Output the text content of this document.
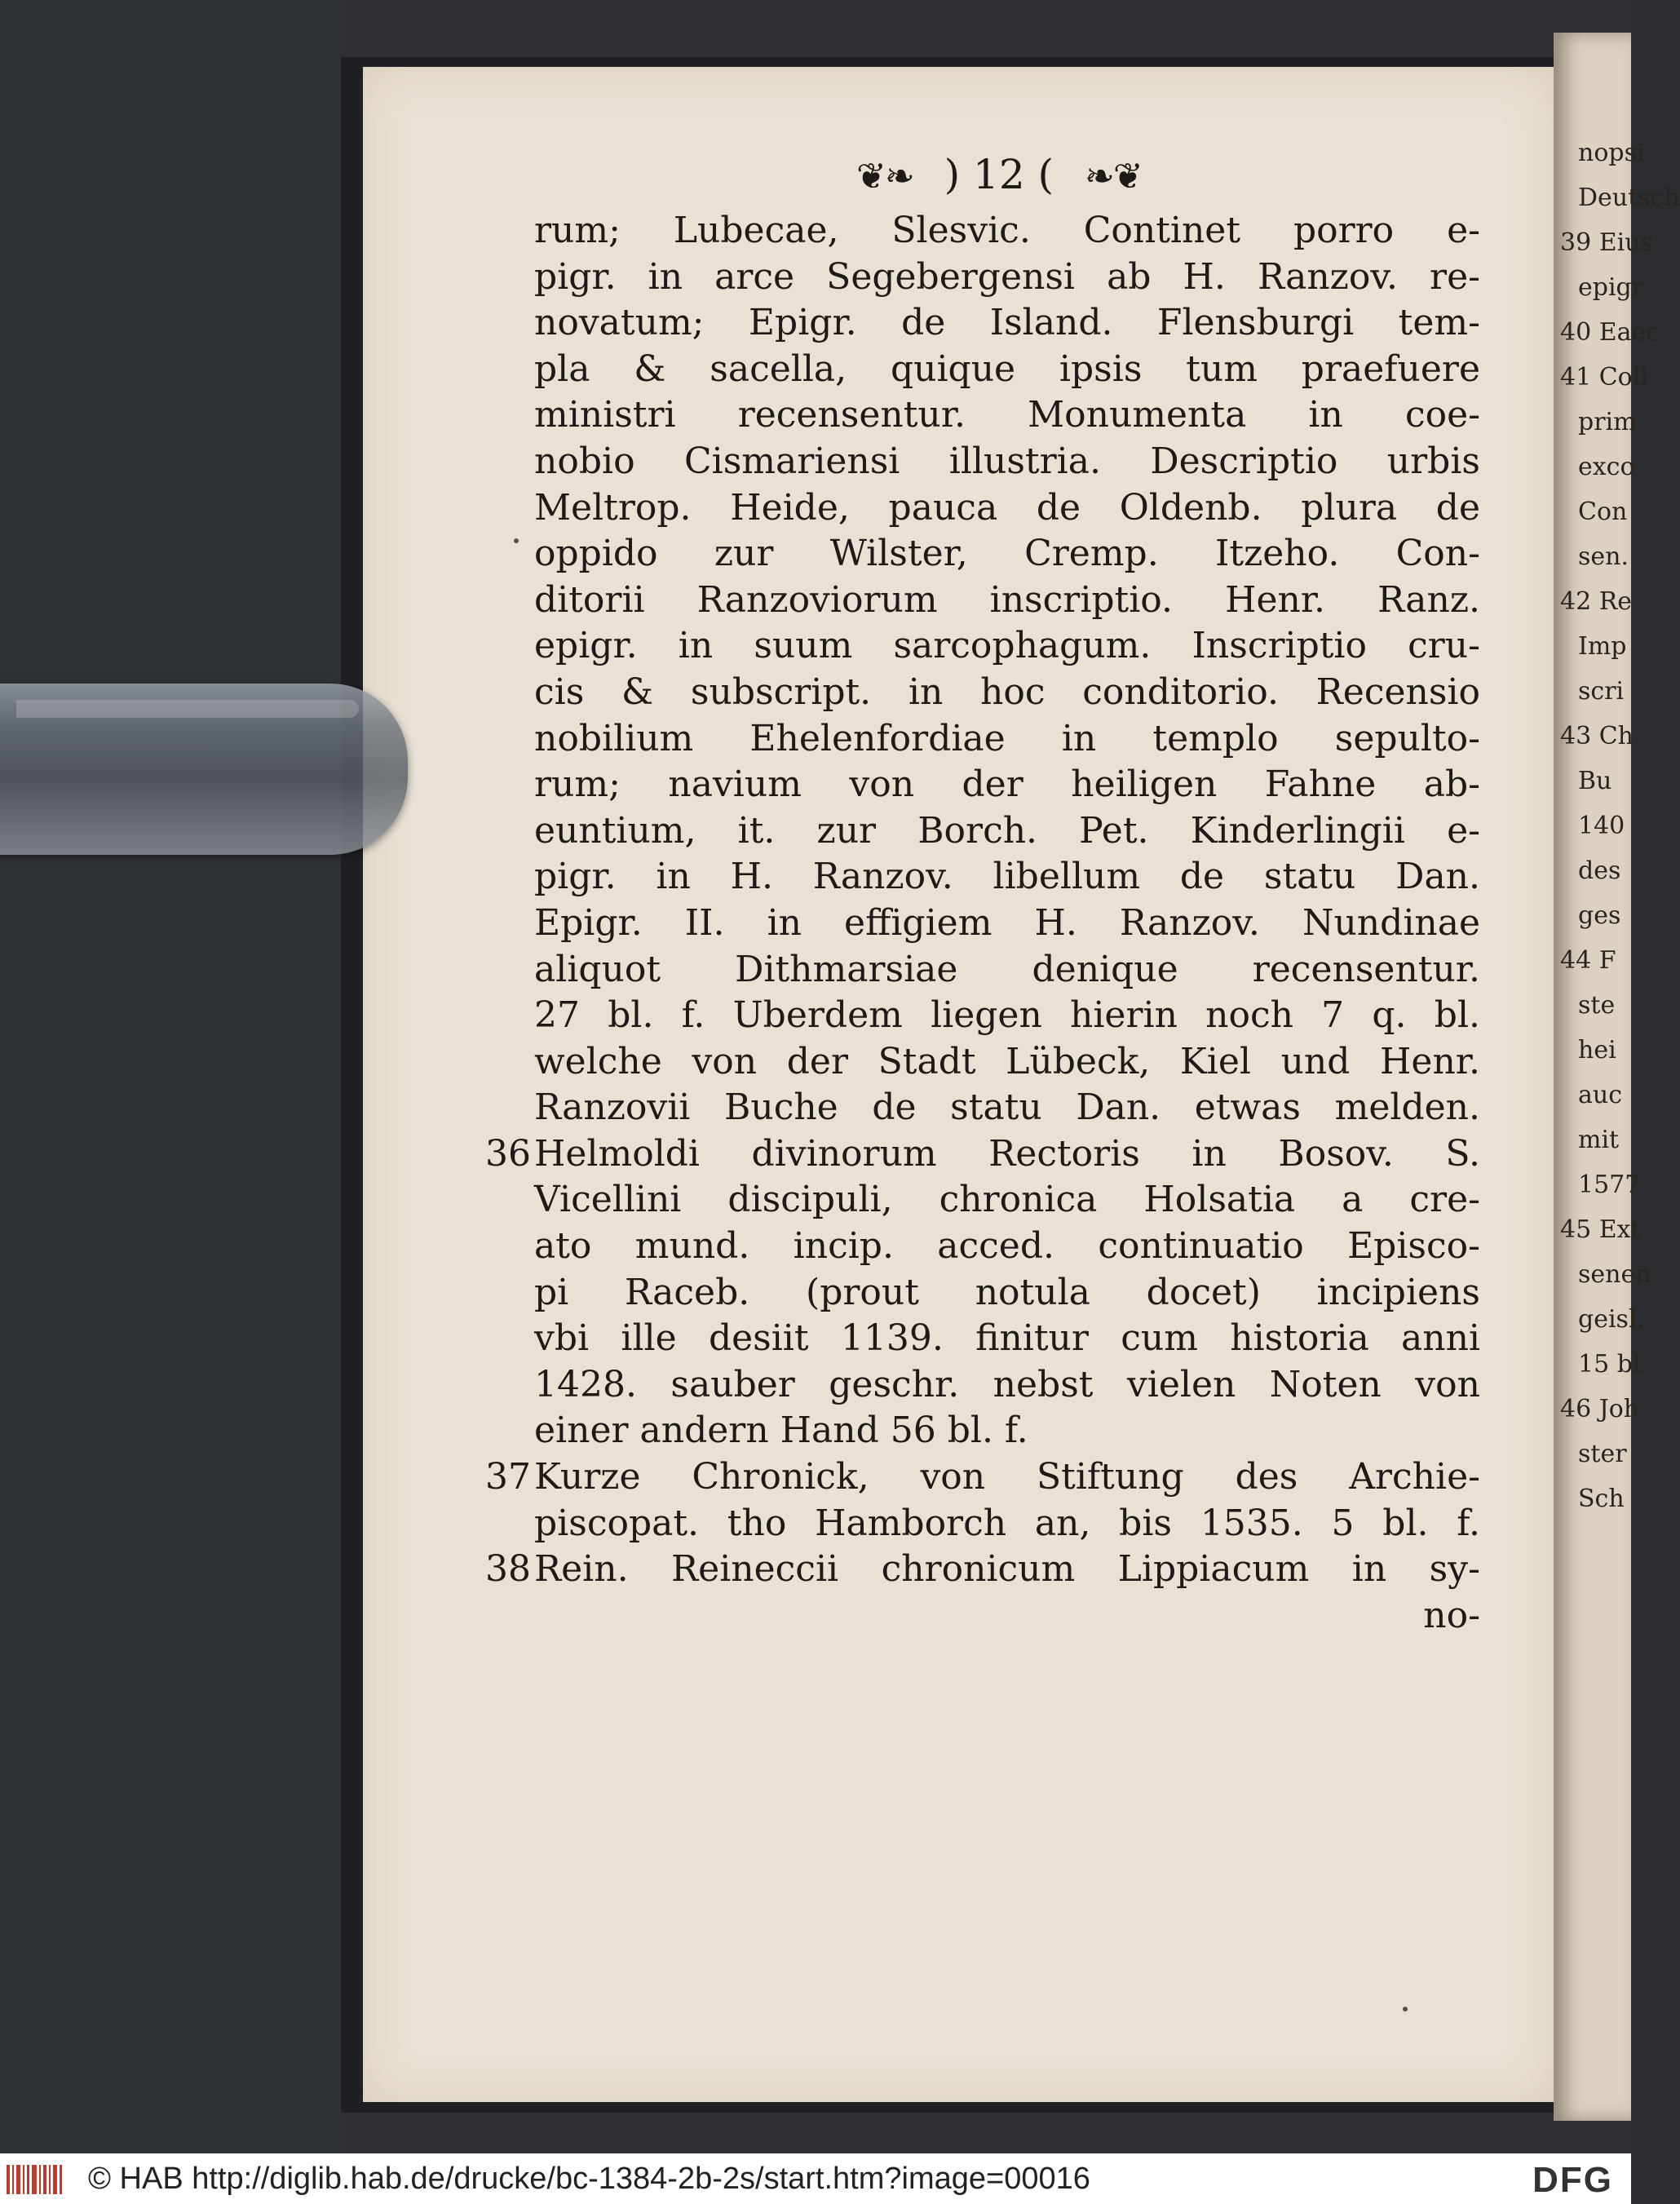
nopsi
Deutsch
39 Eius
epigr.
40 Eaec
41 Coll
prim
exco
Con
sen.
42 Re
Imp
scri
43 Ch
Bu
140
des
ges
44 F
ste
hei
auc
mit
1577
45 Ext
senen
geisl.
15 bl.
46 Joh
ster
Sch
❦❧ ) 12 ( ❧❦
rum; Lubecae, Slesvic. Continet porro e-
pigr. in arce Segebergensi ab H. Ranzov. re-
novatum; Epigr. de Island. Flensburgi tem-
pla & sacella, quique ipsis tum praefuere
ministri recensentur. Monumenta in coe-
nobio Cismariensi illustria. Descriptio urbis
Meltrop. Heide, pauca de Oldenb. plura de
oppido zur Wilster, Cremp. Itzeho. Con-
ditorii Ranzoviorum inscriptio. Henr. Ranz.
epigr. in suum sarcophagum. Inscriptio cru-
cis & subscript. in hoc conditorio. Recensio
nobilium Ehelenfordiae in templo sepulto-
rum; navium von der heiligen Fahne ab-
euntium, it. zur Borch. Pet. Kinderlingii e-
pigr. in H. Ranzov. libellum de statu Dan.
Epigr. II. in effigiem H. Ranzov. Nundinae
aliquot Dithmarsiae denique recensentur.
27 bl. f. Uberdem liegen hierin noch 7 q. bl.
welche von der Stadt Lübeck, Kiel und Henr.
Ranzovii Buche de statu Dan. etwas melden.
36 Helmoldi divinorum Rectoris in Bosov. S.
Vicellini discipuli, chronica Holsatia a cre-
ato mund. incip. acced. continuatio Episco-
pi Raceb. (prout notula docet) incipiens
vbi ille desiit 1139. finitur cum historia anni
1428. sauber geschr. nebst vielen Noten von
einer andern Hand 56 bl. f.
37 Kurze Chronick, von Stiftung des Archie-
piscopat. tho Hamborch an, bis 1535. 5 bl. f.
38 Rein. Reineccii chronicum Lippiacum in sy-
no-
© HAB http://diglib.hab.de/drucke/bc-1384-2b-2s/start.htm?image=00016	DFG
